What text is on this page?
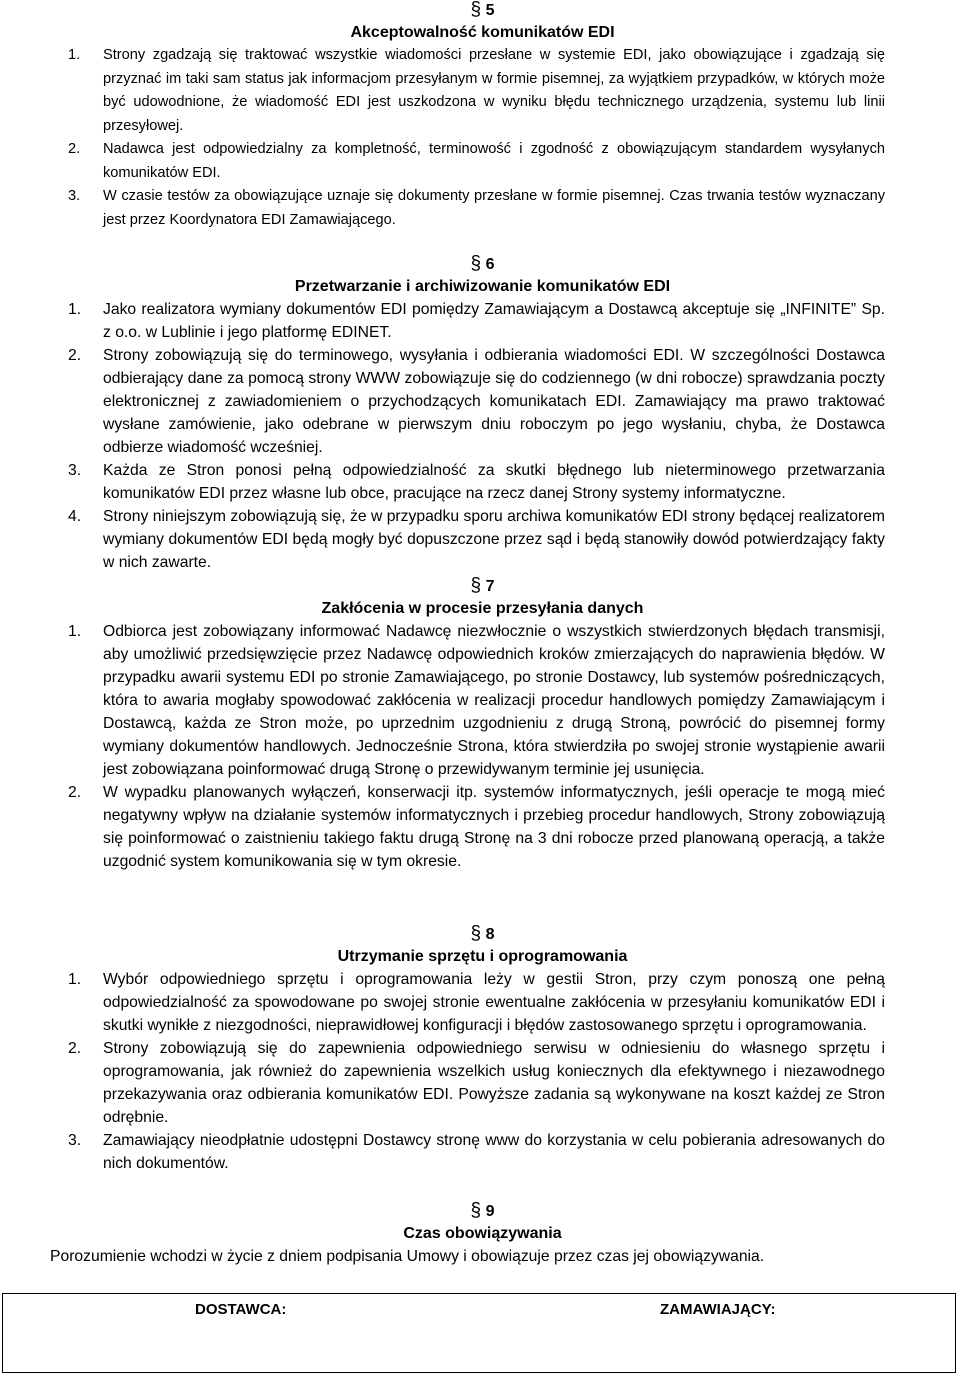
§ 5
Akceptowalność komunikatów EDI
1. Strony zgadzają się traktować wszystkie wiadomości przesłane w systemie EDI, jako obowiązujące i zgadzają się przyznać im taki sam status jak informacjom przesyłanym w formie pisemnej, za wyjątkiem przypadków, w których może być udowodnione, że wiadomość EDI jest uszkodzona w wyniku błędu technicznego urządzenia, systemu lub linii przesyłowej.
2. Nadawca jest odpowiedzialny za kompletność, terminowość i zgodność z obowiązującym standardem wysyłanych komunikatów EDI.
3. W czasie testów za obowiązujące uznaje się dokumenty przesłane w formie pisemnej. Czas trwania testów wyznaczany jest przez Koordynatora EDI Zamawiającego.
§ 6
Przetwarzanie i archiwizowanie komunikatów EDI
1. Jako realizatora wymiany dokumentów EDI pomiędzy Zamawiającym a Dostawcą akceptuje się „INFINITE” Sp. z o.o. w Lublinie i jego platformę EDINET.
2. Strony zobowiązują się do terminowego, wysyłania i odbierania wiadomości EDI. W szczególności Dostawca odbierający dane za pomocą strony WWW zobowiązuje się do codziennego (w dni robocze) sprawdzania poczty elektronicznej z zawiadomieniem o przychodzących komunikatach EDI. Zamawiający ma prawo traktować wysłane zamówienie, jako odebrane w pierwszym dniu roboczym po jego wysłaniu, chyba, że Dostawca odbierze wiadomość wcześniej.
3. Każda ze Stron ponosi pełną odpowiedzialność za skutki błędnego lub nieterminowego przetwarzania komunikatów EDI przez własne lub obce, pracujące na rzecz danej Strony systemy informatyczne.
4. Strony niniejszym zobowiązują się, że w przypadku sporu archiwa komunikatów EDI strony będącej realizatorem wymiany dokumentów EDI będą mogły być dopuszczone przez sąd i będą stanowiły dowód potwierdzający fakty w nich zawarte.
§ 7
Zakłócenia w procesie przesyłania danych
1. Odbiorca jest zobowiązany informować Nadawcę niezwłocznie o wszystkich stwierdzonych błędach transmisji, aby umożliwić przedsięwzięcie przez Nadawcę odpowiednich kroków zmierzających do naprawienia błędów. W przypadku awarii systemu EDI po stronie Zamawiającego, po stronie Dostawcy, lub systemów pośredniczących, która to awaria mogłaby spowodować zakłócenia w realizacji procedur handlowych pomiędzy Zamawiającym i Dostawcą, każda ze Stron może, po uprzednim uzgodnieniu z drugą Stroną, powrócić do pisemnej formy wymiany dokumentów handlowych. Jednocześnie Strona, która stwierdziła po swojej stronie wystąpienie awarii jest zobowiązana poinformować drugą Stronę o przewidywanym terminie jej usunięcia.
2. W wypadku planowanych wyłączeń, konserwacji itp. systemów informatycznych, jeśli operacje te mogą mieć negatywny wpływ na działanie systemów informatycznych i przebieg procedur handlowych, Strony zobowiązują się poinformować o zaistnieniu takiego faktu drugą Stronę na 3 dni robocze przed planowaną operacją, a także uzgodnić system komunikowania się w tym okresie.
§ 8
Utrzymanie sprzętu i oprogramowania
1. Wybór odpowiedniego sprzętu i oprogramowania leży w gestii Stron, przy czym ponoszą one pełną odpowiedzialność za spowodowane po swojej stronie ewentualne zakłócenia w przesyłaniu komunikatów EDI i skutki wynikłe z niezgodności, nieprawidłowej konfiguracji i błędów zastosowanego sprzętu i oprogramowania.
2. Strony zobowiązują się do zapewnienia odpowiedniego serwisu w odniesieniu do własnego sprzętu i oprogramowania, jak również do zapewnienia wszelkich usług koniecznych dla efektywnego i niezawodnego przekazywania oraz odbierania komunikatów EDI. Powyższe zadania są wykonywane na koszt każdej ze Stron odrębnie.
3. Zamawiający nieodpłatnie udostępni Dostawcy stronę www do korzystania w celu pobierania adresowanych do nich dokumentów.
§ 9
Czas obowiązywania
Porozumienie wchodzi w życie z dniem podpisania Umowy i obowiązuje przez czas jej obowiązywania.
DOSTAWCA:	ZAMAWIAJĄCY:
